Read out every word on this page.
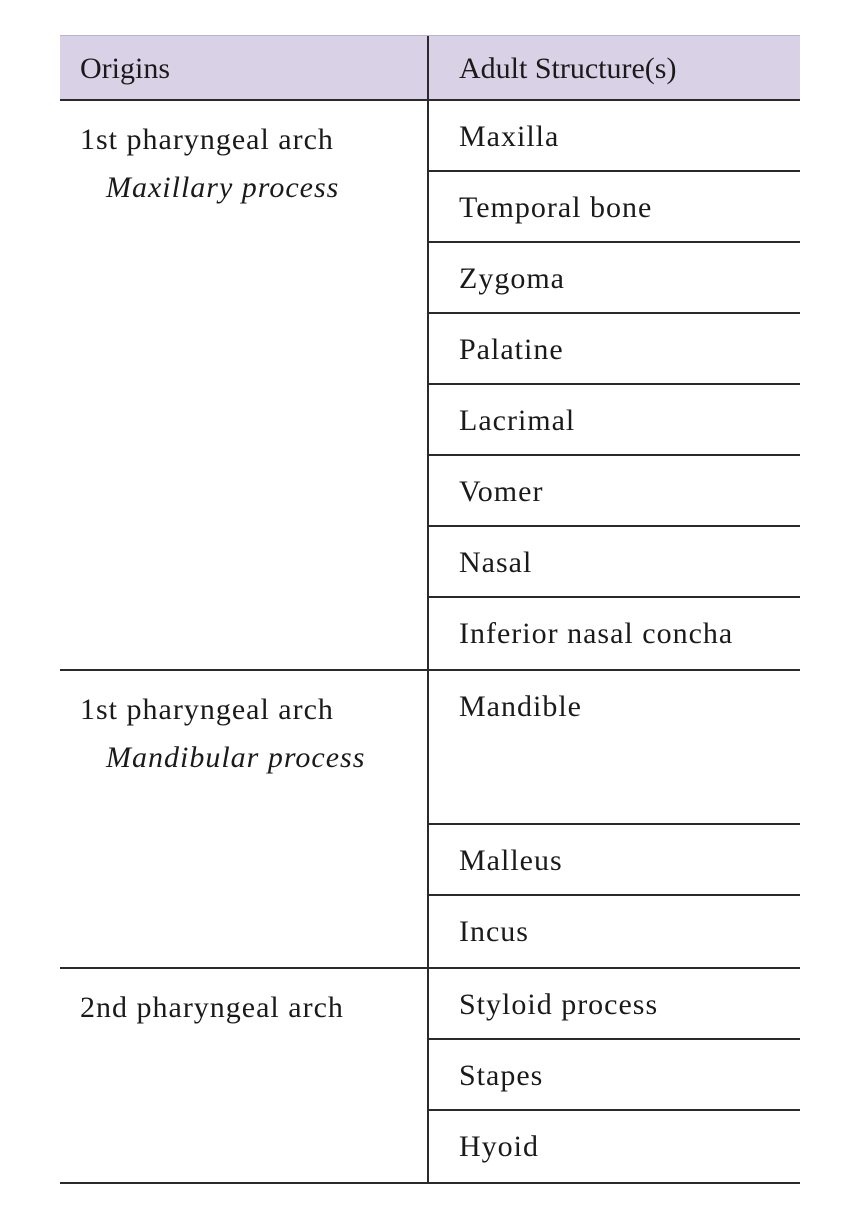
Origins	Adult Structure(s)
1st pharyngeal arch
Maxillary process
Maxilla
Temporal bone
Zygoma
Palatine
Lacrimal
Vomer
Nasal
Inferior nasal concha
1st pharyngeal arch
Mandibular process
Mandible
Malleus
Incus
2nd pharyngeal arch	Styloid process
Stapes
Hyoid
